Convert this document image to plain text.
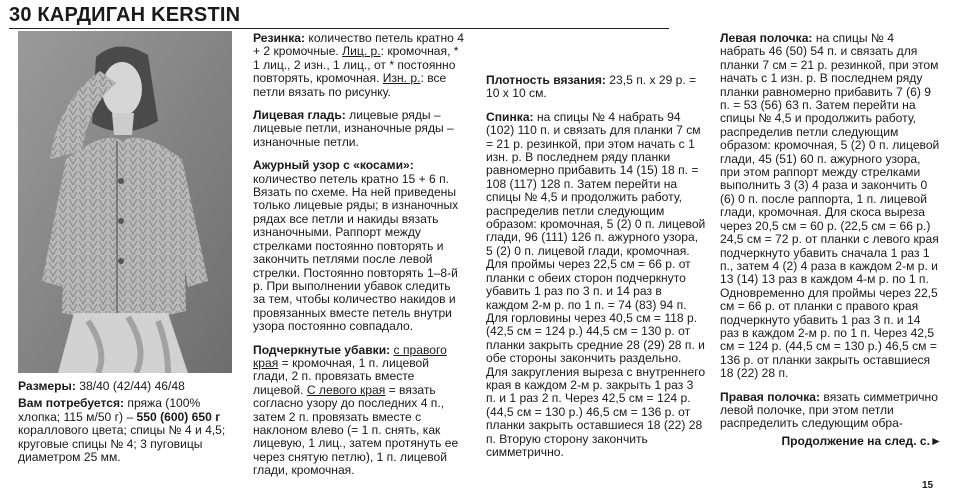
30 КАРДИГАН KERSTIN

Размеры: 38/40 (42/44) 46/48

Вам потребуется: пряжа (100% хлопка; 115 м/50 г) – 550 (600) 650 г кораллового цвета; спицы № 4 и 4,5; круговые спицы № 4; 3 пуговицы диаметром 25 мм.

Резинка: количество петель кратно 4 + 2 кромочные. Лиц. р.: кромочная, * 1 лиц., 2 изн., 1 лиц., от * постоянно повторять, кромочная. Изн. р.: все петли вязать по рисунку.

Лицевая гладь: лицевые ряды – лицевые петли, изнаночные ряды – изнаночные петли.

Ажурный узор с «косами»: количество петель кратно 15 + 6 п. Вязать по схеме. На ней приведены только лицевые ряды; в изнаночных рядах все петли и накиды вязать изнаночными. Раппорт между стрелками постоянно повторять и закончить петлями после левой стрелки. Постоянно повторять 1–8-й р. При выполнении убавок следить за тем, чтобы количество накидов и провязанных вместе петель внутри узора постоянно совпадало.

Подчеркнутые убавки: с правого края = кромочная, 1 п. лицевой глади, 2 п. провязать вместе лицевой. С левого края = вязать согласно узору до последних 4 п., затем 2 п. провязать вместе с наклоном влево (= 1 п. снять, как лицевую, 1 лиц., затем протянуть ее через снятую петлю), 1 п. лицевой глади, кромочная.

Плотность вязания: 23,5 п. x 29 р. = 10 x 10 см.

Спинка: на спицы № 4 набрать 94 (102) 110 п. и связать для планки 7 см = 21 р. резинкой, при этом начать с 1 изн. р. В последнем ряду планки равномерно прибавить 14 (15) 18 п. = 108 (117) 128 п. Затем перейти на спицы № 4,5 и продолжить работу, распределив петли следующим образом: кромочная, 5 (2) 0 п. лицевой глади, 96 (111) 126 п. ажурного узора, 5 (2) 0 п. лицевой глади, кромочная. Для проймы через 22,5 см = 66 р. от планки с обеих сторон подчеркнуто убавить 1 раз по 3 п. и 14 раз в каждом 2-м р. по 1 п. = 74 (83) 94 п. Для горловины через 40,5 см = 118 р. (42,5 см = 124 р.) 44,5 см = 130 р. от планки закрыть средние 28 (29) 28 п. и обе стороны закончить раздельно. Для закругления выреза с внутреннего края в каждом 2-м р. закрыть 1 раз 3 п. и 1 раз 2 п. Через 42,5 см = 124 р. (44,5 см = 130 р.) 46,5 см = 136 р. от планки закрыть оставшиеся 18 (22) 28 п. Вторую сторону закончить симметрично.

Левая полочка: на спицы № 4 набрать 46 (50) 54 п. и связать для планки 7 см = 21 р. резинкой, при этом начать с 1 изн. р. В последнем ряду планки равномерно прибавить 7 (6) 9 п. = 53 (56) 63 п. Затем перейти на спицы № 4,5 и продолжить работу, распределив петли следующим образом: кромочная, 5 (2) 0 п. лицевой глади, 45 (51) 60 п. ажурного узора, при этом раппорт между стрелками выполнить 3 (3) 4 раза и закончить 0 (6) 0 п. после раппорта, 1 п. лицевой глади, кромочная. Для скоса выреза через 20,5 см = 60 р. (22,5 см = 66 р.) 24,5 см = 72 р. от планки с левого края подчеркнуто убавить сначала 1 раз 1 п., затем 4 (2) 4 раза в каждом 2-м р. и 13 (14) 13 раз в каждом 4-м р. по 1 п. Одновременно для проймы через 22,5 см = 66 р. от планки с правого края подчеркнуто убавить 1 раз 3 п. и 14 раз в каждом 2-м р. по 1 п. Через 42,5 см = 124 р. (44,5 см = 130 р.) 46,5 см = 136 р. от планки закрыть оставшиеся 18 (22) 28 п.

Правая полочка: вязать симметрично левой полочке, при этом петли распределить следующим обра-

Продолжение на след. с.►
15
